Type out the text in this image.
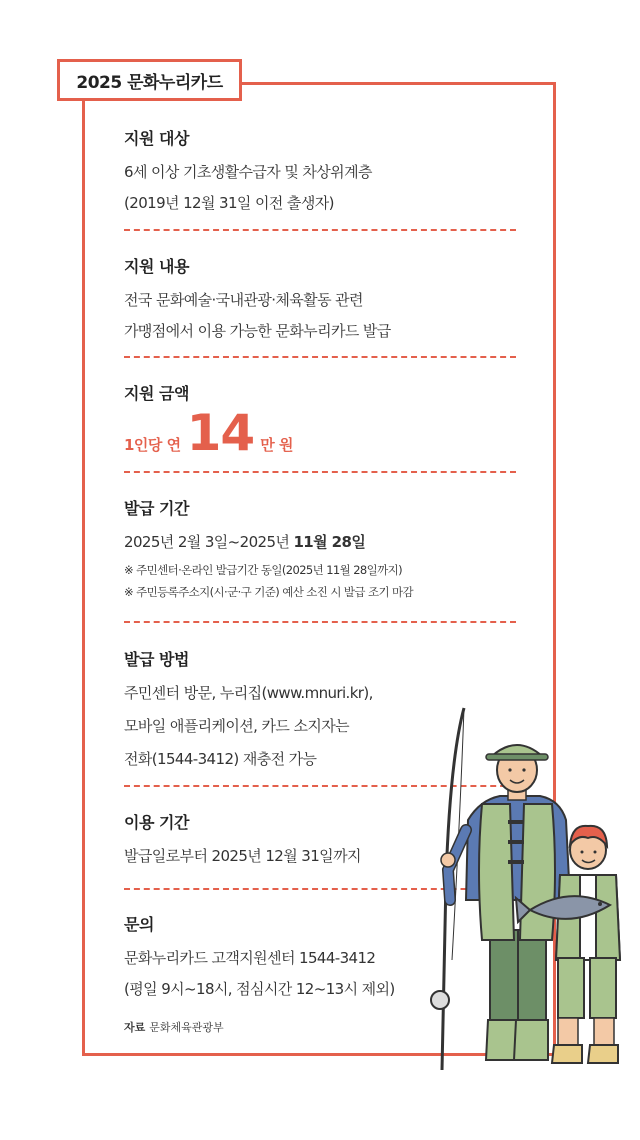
2025 문화누리카드
지원 대상
6세 이상 기초생활수급자 및 차상위계층
(2019년 12월 31일 이전 출생자)
지원 내용
전국 문화예술·국내관광·체육활동 관련
가맹점에서 이용 가능한 문화누리카드 발급
지원 금액
1인당 연 14 만 원
발급 기간
2025년 2월 3일~2025년 11월 28일
※ 주민센터·온라인 발급기간 동일(2025년 11월 28일까지)
※ 주민등록주소지(시·군·구 기준) 예산 소진 시 발급 조기 마감
발급 방법
주민센터 방문, 누리집(www.mnuri.kr),
모바일 애플리케이션, 카드 소지자는
전화(1544-3412) 재충전 가능
이용 기간
발급일로부터 2025년 12월 31일까지
문의
문화누리카드 고객지원센터 1544-3412
(평일 9시~18시, 점심시간 12~13시 제외)
자료 문화체육관광부
